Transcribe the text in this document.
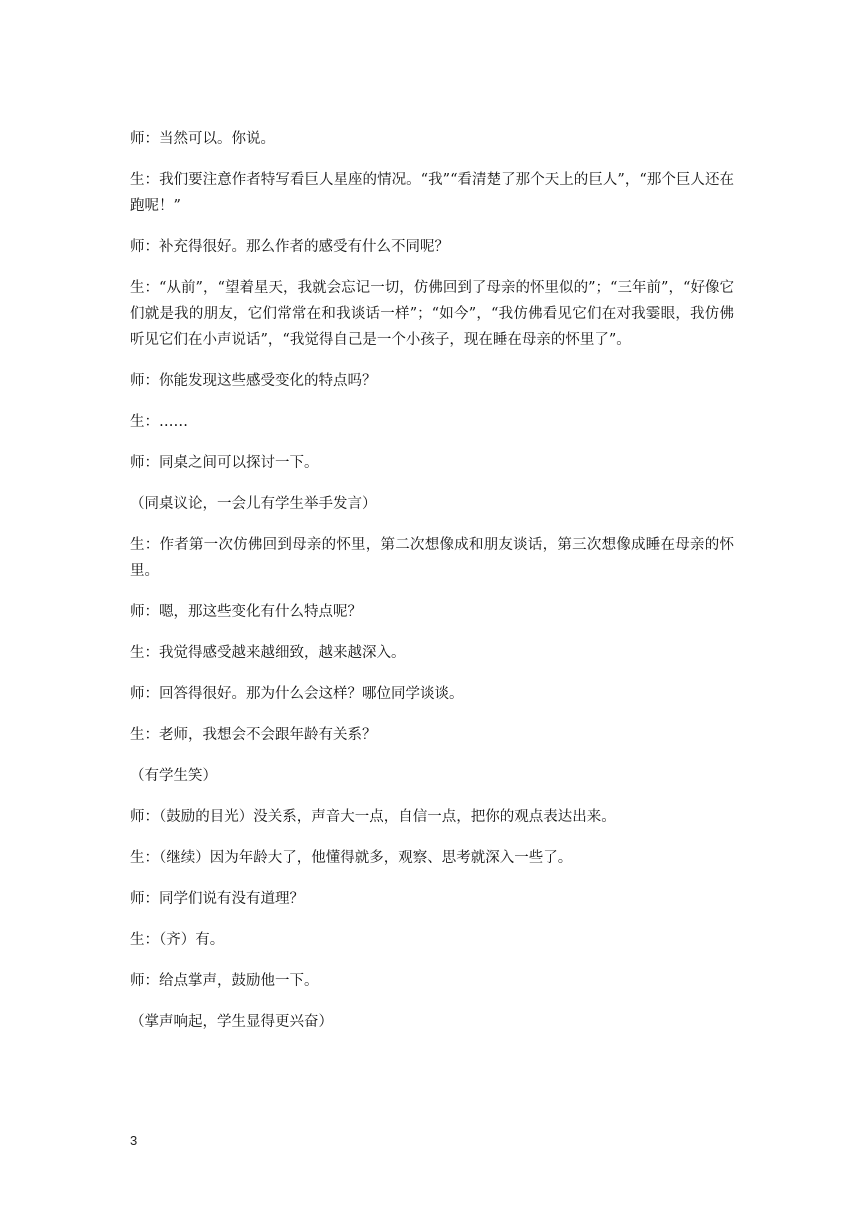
师：当然可以。你说。

生：我们要注意作者特写看巨人星座的情况。“我”“看清楚了那个天上的巨人”，“那个巨人还在跑呢！”

师：补充得很好。那么作者的感受有什么不同呢？

生：“从前”，“望着星天，我就会忘记一切，仿佛回到了母亲的怀里似的”；“三年前”，“好像它们就是我的朋友，它们常常在和我谈话一样”；“如今”，“我仿佛看见它们在对我霎眼，我仿佛听见它们在小声说话”，“我觉得自己是一个小孩子，现在睡在母亲的怀里了”。

师：你能发现这些感受变化的特点吗？

生：……

师：同桌之间可以探讨一下。

（同桌议论，一会儿有学生举手发言）

生：作者第一次仿佛回到母亲的怀里，第二次想像成和朋友谈话，第三次想像成睡在母亲的怀里。

师：嗯，那这些变化有什么特点呢？

生：我觉得感受越来越细致，越来越深入。

师：回答得很好。那为什么会这样？哪位同学谈谈。

生：老师，我想会不会跟年龄有关系？

（有学生笑）

师：（鼓励的目光）没关系，声音大一点，自信一点，把你的观点表达出来。

生：（继续）因为年龄大了，他懂得就多，观察、思考就深入一些了。

师：同学们说有没有道理？

生：（齐）有。

师：给点掌声，鼓励他一下。

（掌声响起，学生显得更兴奋）

3
